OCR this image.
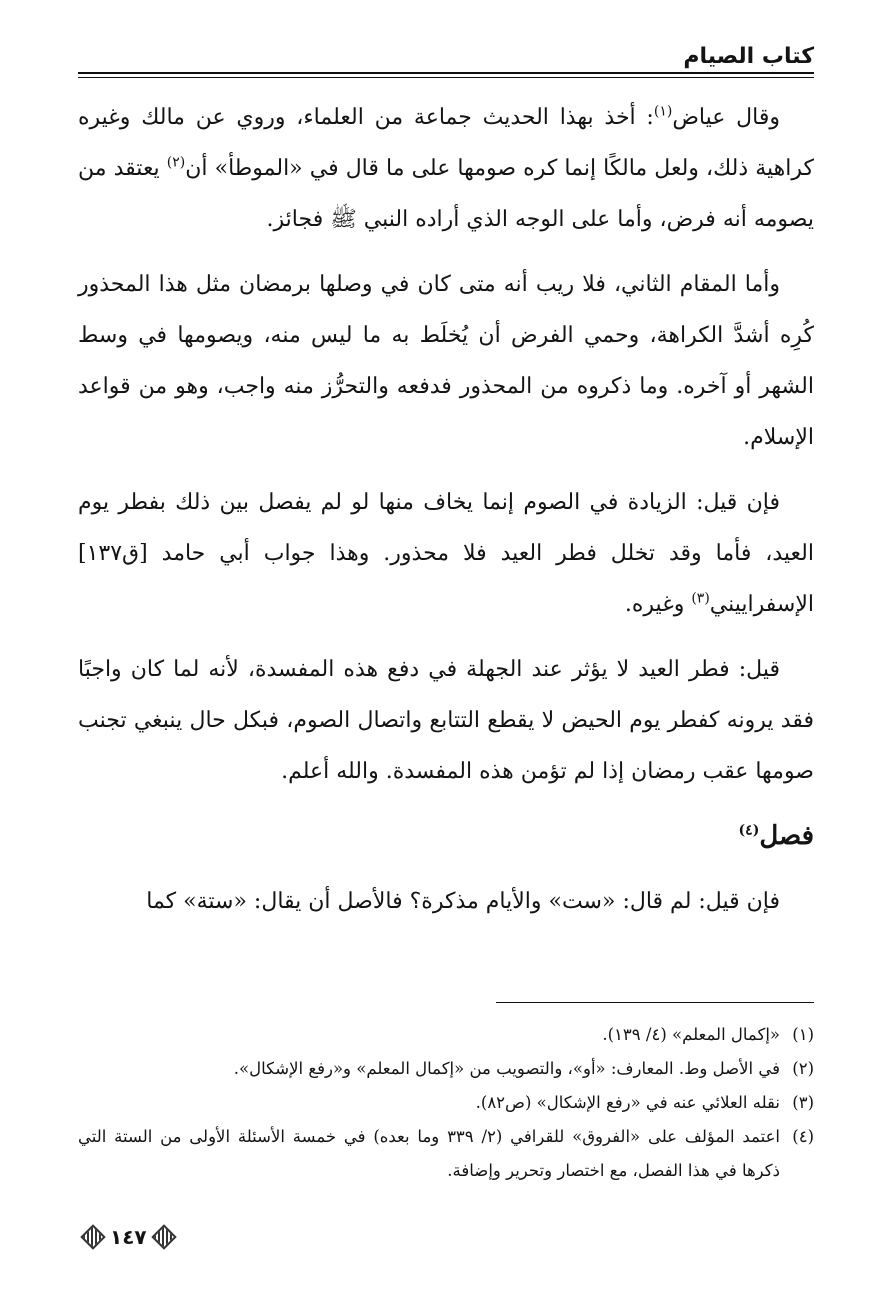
كتاب الصيام

وقال عياض$^{(١)}$: أخذ بهذا الحديث جماعة من العلماء، وروي عن مالك وغيره كراهية ذلك، ولعل مالكًا إنما كره صومها على ما قال في «الموطأ» أن$^{(٢)}$ يعتقد من يصومه أنه فرض، وأما على الوجه الذي أراده النبي ﷺ فجائز.

وأما المقام الثاني، فلا ريب أنه متى كان في وصلها برمضان مثل هذا المحذور كُرِه أشدَّ الكراهة، وحمي الفرض أن يُخلَط به ما ليس منه، ويصومها في وسط الشهر أو آخره. وما ذكروه من المحذور فدفعه والتحرُّز منه واجب، وهو من قواعد الإسلام.

فإن قيل: الزيادة في الصوم إنما يخاف منها لو لم يفصل بين ذلك بفطر يوم العيد، فأما وقد تخلل فطر العيد فلا محذور. وهذا جواب أبي حامد [ق١٣٧] الإسفراييني$^{(٣)}$ وغيره.

قيل: فطر العيد لا يؤثر عند الجهلة في دفع هذه المفسدة، لأنه لما كان واجبًا فقد يرونه كفطر يوم الحيض لا يقطع التتابع واتصال الصوم، فبكل حال ينبغي تجنب صومها عقب رمضان إذا لم تؤمن هذه المفسدة. والله أعلم.

فصل$^{(٤)}$

فإن قيل: لم قال: «ست» والأيام مذكرة؟ فالأصل أن يقال: «ستة» كما

(١)
«إكمال المعلم» (٤/ ١٣٩).
(٢)
في الأصل وط. المعارف: «أو»، والتصويب من «إكمال المعلم» و«رفع الإشكال».
(٣)
نقله العلائي عنه في «رفع الإشكال» (ص٨٢).
(٤)
اعتمد المؤلف على «الفروق» للقرافي (٢/ ٣٣٩ وما بعده) في خمسة الأسئلة الأولى من الستة التي ذكرها في هذا الفصل، مع اختصار وتحرير وإضافة.
١٤٧
